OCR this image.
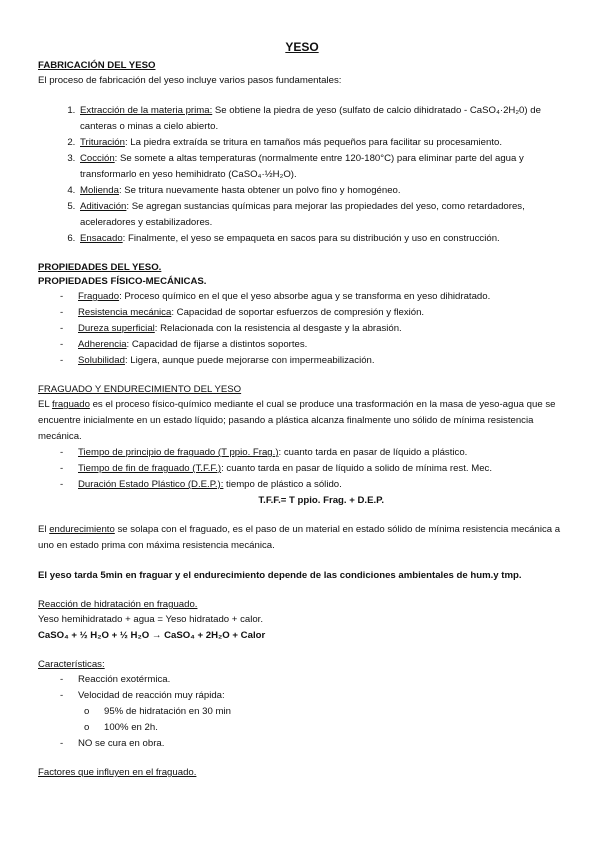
YESO

FABRICACIÓN DEL YESO

El proceso de fabricación del yeso incluye varios pasos fundamentales:

1. Extracción de la materia prima: Se obtiene la piedra de yeso (sulfato de calcio dihidratado - CaSO₄·2H₂0) de canteras o minas a cielo abierto.
2. Trituración: La piedra extraída se tritura en tamaños más pequeños para facilitar su procesamiento.
3. Cocción: Se somete a altas temperaturas (normalmente entre 120-180°C) para eliminar parte del agua y transformarlo en yeso hemihidrato (CaSO₄·½H₂O).
4. Molienda: Se tritura nuevamente hasta obtener un polvo fino y homogéneo.
5. Aditivación: Se agregan sustancias químicas para mejorar las propiedades del yeso, como retardadores, aceleradores y estabilizadores.
6. Ensacado: Finalmente, el yeso se empaqueta en sacos para su distribución y uso en construcción.

PROPIEDADES DEL YESO.

PROPIEDADES FÍSICO-MECÁNICAS.

- Fraguado: Proceso químico en el que el yeso absorbe agua y se transforma en yeso dihidratado.
- Resistencia mecánica: Capacidad de soportar esfuerzos de compresión y flexión.
- Dureza superficial: Relacionada con la resistencia al desgaste y la abrasión.
- Adherencia: Capacidad de fijarse a distintos soportes.
- Solubilidad: Ligera, aunque puede mejorarse con impermeabilización.

FRAGUADO Y ENDURECIMIENTO DEL YESO

EL fraguado es el proceso físico-químico mediante el cual se produce una trasformación en la masa de yeso-agua que se encuentre inicialmente en un estado líquido; pasando a plástica alcanza finalmente uno sólido de mínima resistencia mecánica.

- Tiempo de principio de fraguado (T ppio. Frag.): cuanto tarda en pasar de líquido a plástico.
- Tiempo de fin de fraguado (T.F.F.): cuanto tarda en pasar de líquido a solido de mínima rest. Mec.
- Duración Estado Plástico (D.E.P.): tiempo de plástico a sólido.

T.F.F.= T ppio. Frag. + D.E.P.

El endurecimiento se solapa con el fraguado, es el paso de un material en estado sólido de mínima resistencia mecánica a uno en estado prima con máxima resistencia mecánica.

El yeso tarda 5min en fraguar y el endurecimiento depende de las condiciones ambientales de hum.y tmp.

Reacción de hidratación en fraguado.

Yeso hemihidratado + agua = Yeso hidratado + calor.

CaSO₄ + ½ H₂O + ½ H₂O → CaSO₄ + 2H₂O + Calor

Características:

- Reacción exotérmica.
- Velocidad de reacción muy rápida:
o 95% de hidratación en 30 min
o 100% en 2h.
- NO se cura en obra.

Factores que influyen en el fraguado.
